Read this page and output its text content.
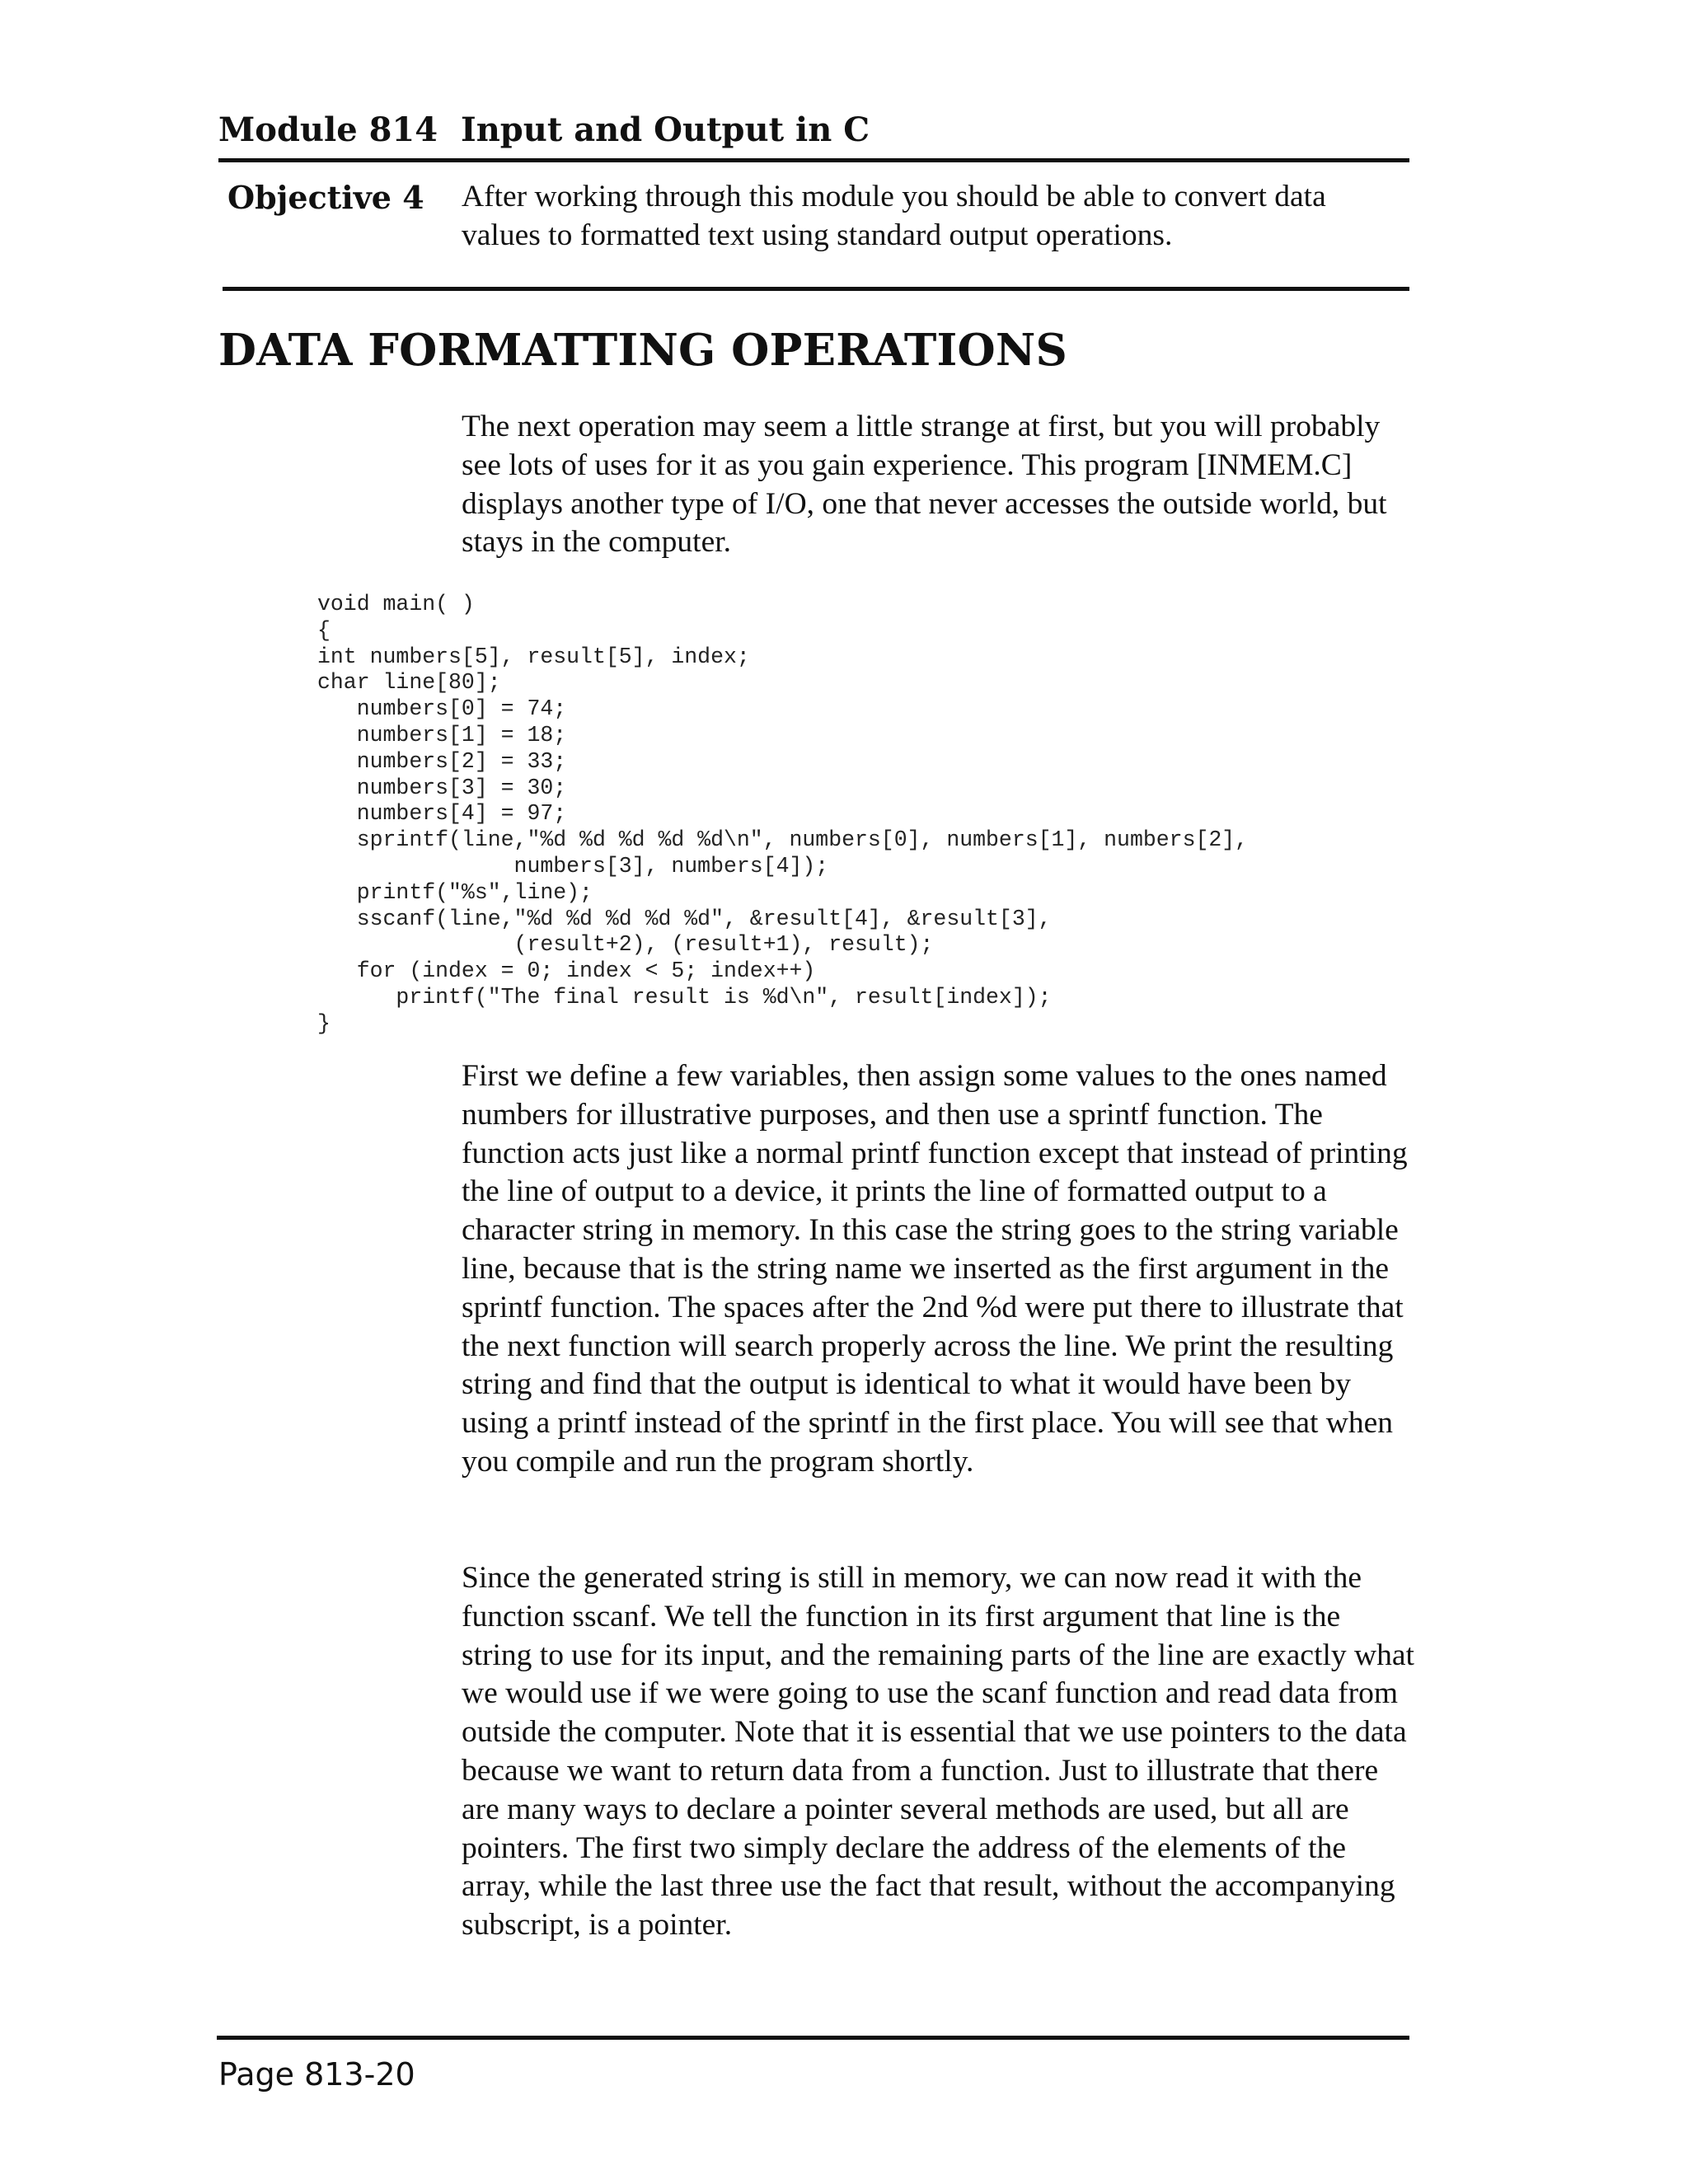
Module 814 Input and Output in C
Objective 4 After working through this module you should be able to convert data values to formatted text using standard output operations.
DATA FORMATTING OPERATIONS
The next operation may seem a little strange at first, but you will probably see lots of uses for it as you gain experience. This program [INMEM.C] displays another type of I/O, one that never accesses the outside world, but stays in the computer.
void main( )
{
int numbers[5], result[5], index;
char line[80];
numbers[0] = 74;
numbers[1] = 18;
numbers[2] = 33;
numbers[3] = 30;
numbers[4] = 97;
sprintf(line,"%d %d %d %d %d\n", numbers[0], numbers[1], numbers[2],
numbers[3], numbers[4]);
printf("%s",line);
sscanf(line,"%d %d %d %d %d", &result[4], &result[3],
(result+2), (result+1), result);
for (index = 0; index < 5; index++)
printf("The final result is %d\n", result[index]);
}
First we define a few variables, then assign some values to the ones named numbers for illustrative purposes, and then use a sprintf function. The function acts just like a normal printf function except that instead of printing the line of output to a device, it prints the line of formatted output to a character string in memory. In this case the string goes to the string variable line, because that is the string name we inserted as the first argument in the sprintf function. The spaces after the 2nd %d were put there to illustrate that the next function will search properly across the line. We print the resulting string and find that the output is identical to what it would have been by using a printf instead of the sprintf in the first place. You will see that when you compile and run the program shortly.
Since the generated string is still in memory, we can now read it with the function sscanf. We tell the function in its first argument that line is the string to use for its input, and the remaining parts of the line are exactly what we would use if we were going to use the scanf function and read data from outside the computer. Note that it is essential that we use pointers to the data because we want to return data from a function. Just to illustrate that there are many ways to declare a pointer several methods are used, but all are pointers. The first two simply declare the address of the elements of the array, while the last three use the fact that result, without the accompanying subscript, is a pointer.
Page 813-20
